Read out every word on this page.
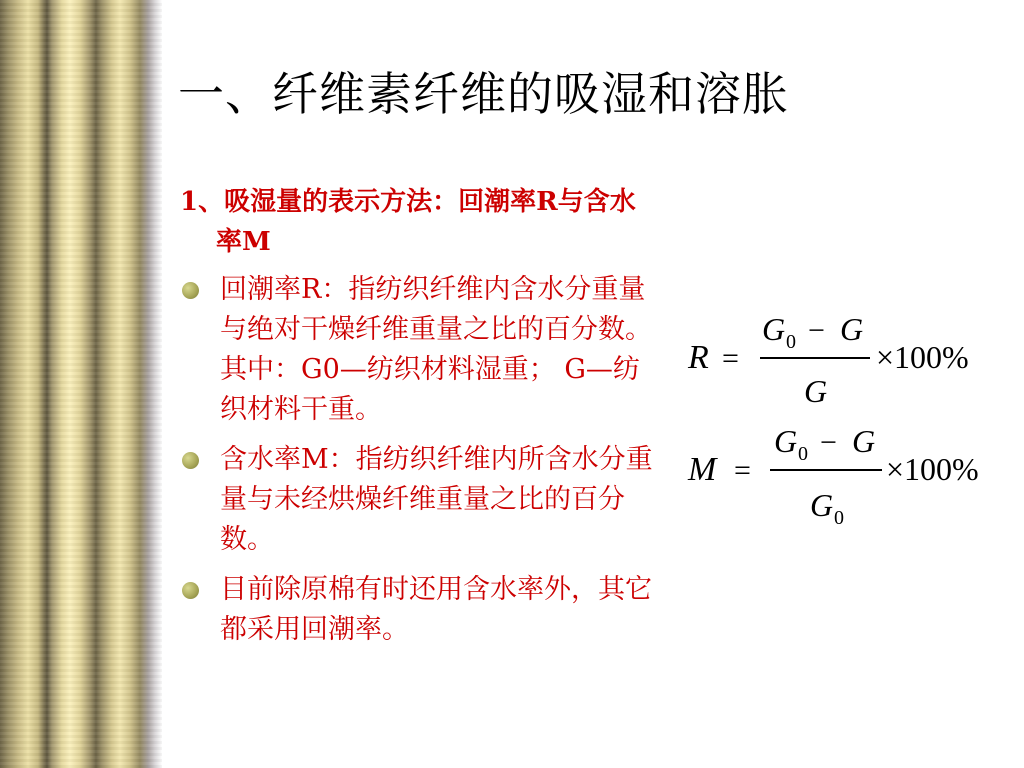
一、纤维素纤维的吸湿和溶胀

1、吸湿量的表示方法：回潮率R与含水率M

回潮率R：指纺织纤维内含水分重量与绝对干燥纤维重量之比的百分数。其中：G0—纺织材料湿重； G—纺织材料干重。
含水率M：指纺织纤维内所含水分重量与未经烘燥纤维重量之比的百分数。
目前除原棉有时还用含水率外，其它都采用回潮率。
R =
G 0 − G
G
×100%
M =
G 0 − G
G 0
×100%
